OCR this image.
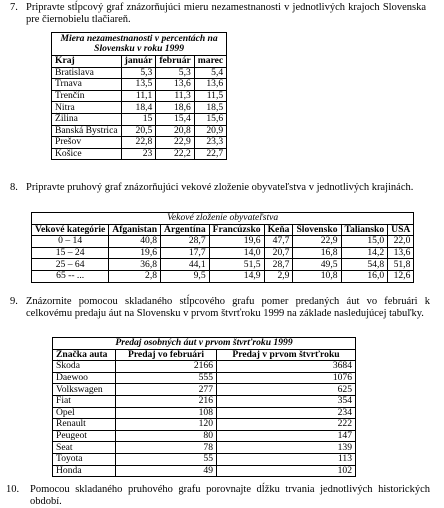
7. Pripravte stĺpcový graf znázorňujúci mieru nezamestnanosti v jednotlivých krajoch Slovenska pre čiernobielu tlačiareň.
Miera nezamestnanosti v percentách na Slovensku v roku 1999			
Kraj	január	február	marec
Bratislava	5,3	5,3	5,4
Trnava	13,5	13,6	13,6
Trenčín	11,1	11,3	11,5
Nitra	18,4	18,6	18,5
Žilina	15	15,4	15,6
Banská Bystrica	20,5	20,8	20,9
Prešov	22,8	22,9	23,3
Košice	23	22,2	22,7
8. Pripravte pruhový graf znázorňujúci vekové zloženie obyvateľstva v jednotlivých krajinách.
Vekové zloženie obyvateľstva							
Vekové kategórie	Afganistan	Argentína	Francúzsko	Keňa	Slovensko	Taliansko	USA
0 – 14	40,8	28,7	19,6	47,7	22,9	15,0	22,0
15 – 24	19,6	17,7	14,0	20,7	16,8	14,2	13,6
25 – 64	36,8	44,1	51,5	28,7	49,5	54,8	51,8
65 -- ...	2,8	9,5	14,9	2,9	10,8	16,0	12,6
9. Znázornite pomocou skladaného stĺpcového grafu pomer predaných áut vo februári k celkovému predaju áut na Slovensku v prvom štvrťroku 1999 na základe nasledujúcej tabuľky.
Predaj osobných áut v prvom štvrťroku 1999		
Značka auta	Predaj vo februári	Predaj v prvom štvrťroku
Škoda	2166	3684
Daewoo	555	1076
Volkswagen	277	625
Fiat	216	354
Opel	108	234
Renault	120	222
Peugeot	80	147
Seat	78	139
Toyota	55	113
Honda	49	102
10. Pomocou skladaného pruhového grafu porovnajte dĺžku trvania jednotlivých historických období.
